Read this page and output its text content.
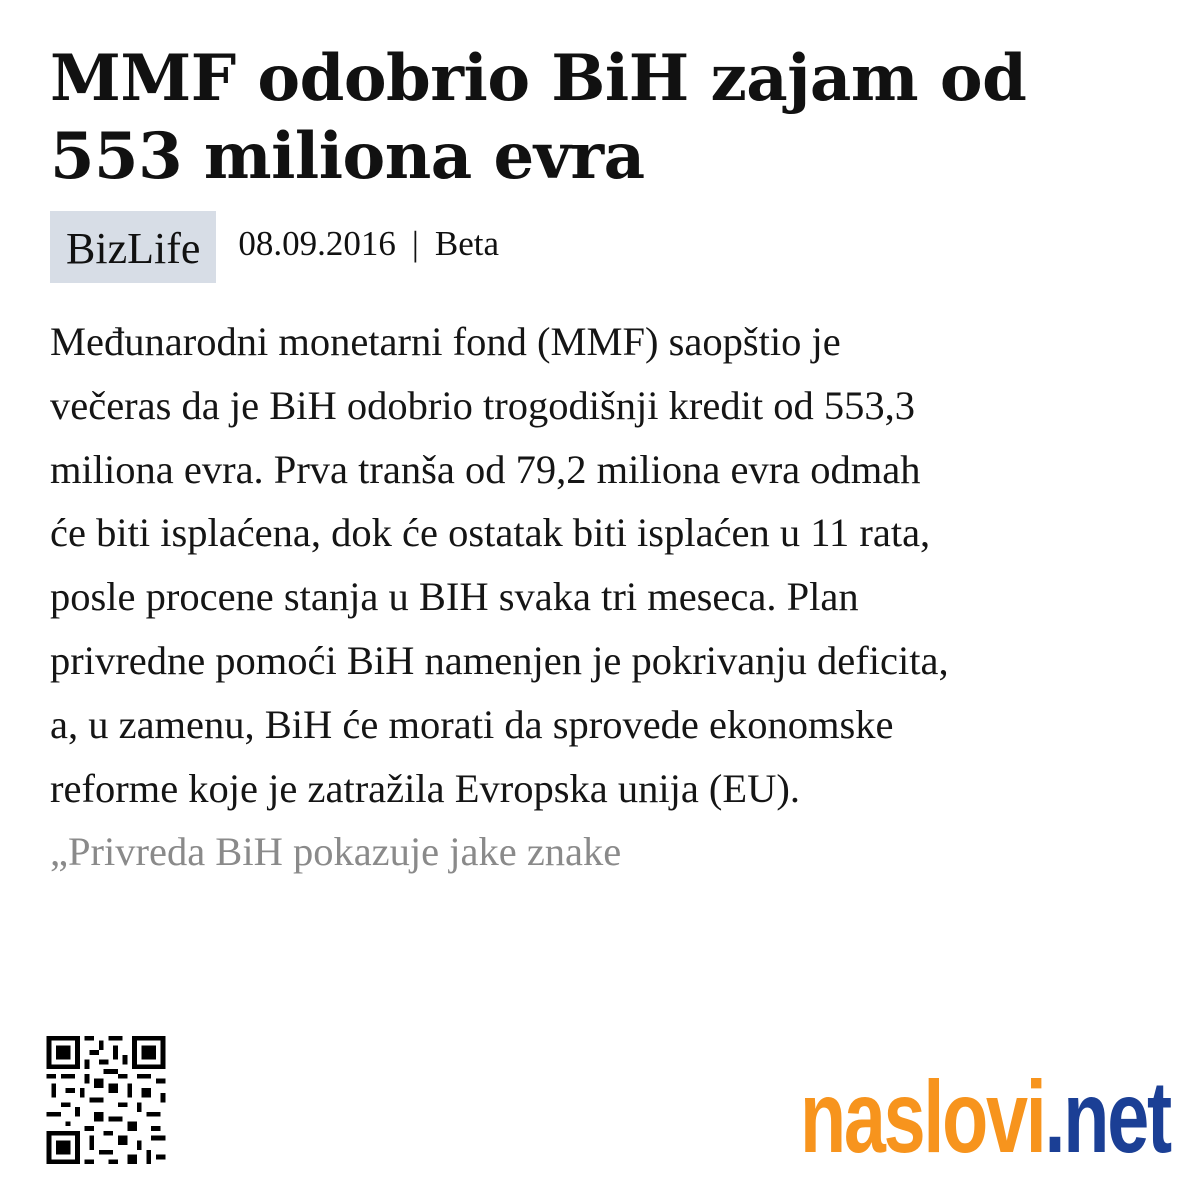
MMF odobrio BiH zajam od 553 miliona evra
BizLife	08.09.2016 | Beta

Međunarodni monetarni fond (MMF) saopštio je
večeras da je BiH odobrio trogodišnji kredit od 553,3
miliona evra. Prva tranša od 79,2 miliona evra odmah
će biti isplaćena, dok će ostatak biti isplaćen u 11 rata,
posle procene stanja u BIH svaka tri meseca. Plan
privredne pomoći BiH namenjen je pokrivanju deficita,
a, u zamenu, BiH će morati da sprovede ekonomske
reforme koje je zatražila Evropska unija (EU).
„Privreda BiH pokazuje jake znake

naslovi.net
